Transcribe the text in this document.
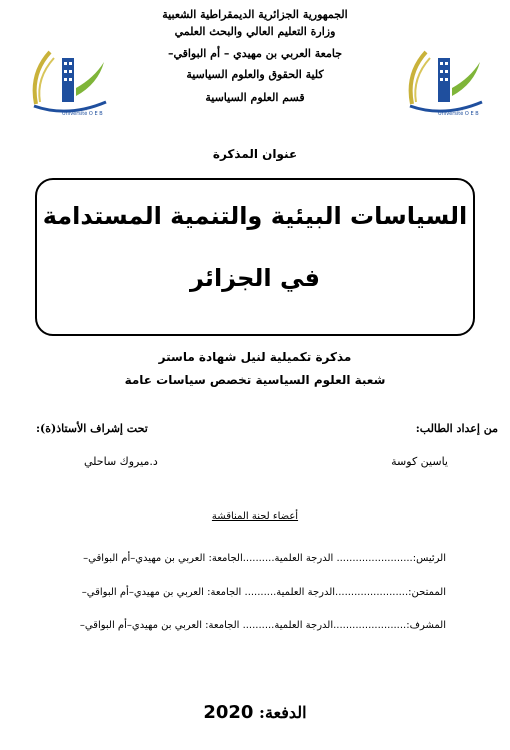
الجمهورية الجزائرية الديمقراطية الشعبية
وزارة التعليم العالي والبحث العلمي
جامعة العربي بن مهيدي – أم البواقي–
كلية الحقوق والعلوم السياسية
قسم العلوم السياسية
Université O E B	Université O E B
عنوان المذكرة
السياسات البيئية والتنمية المستدامة
في الجزائر
مذكرة تكميلية لنيل شهادة ماستر
شعبة العلوم السياسية تخصص سياسات عامة
من إعداد الطالب:
تحت إشراف الأستاذ(ة):
ياسين كوسة
د.ميروك ساحلي
أعضاء لجنة المناقشة
الرئيس:........................ الدرجة العلمية..........الجامعة: العربي بن مهيدي–أم البواقي–
الممتحن:.......................الدرجة العلمية.......... الجامعة: العربي بن مهيدي–أم البواقي–
المشرف:.......................الدرجة العلمية.......... الجامعة: العربي بن مهيدي–أم البواقي–
الدفعة: 2020
